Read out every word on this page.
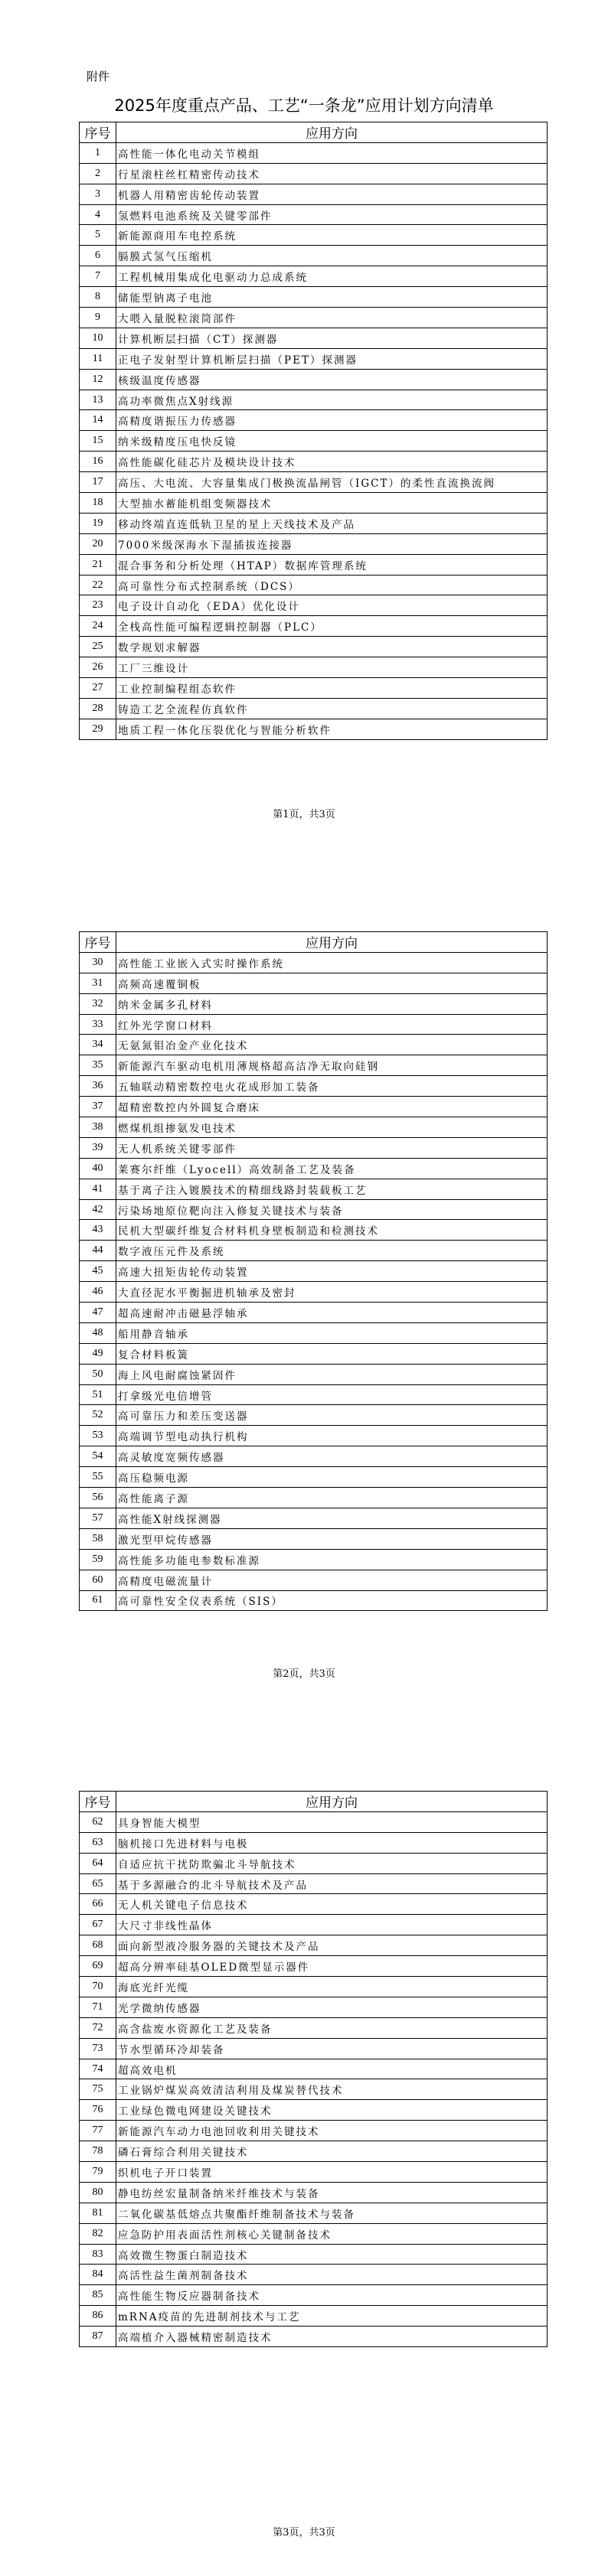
附件
2025年度重点产品、工艺“一条龙”应用计划方向清单
序号	应用方向
1	高性能一体化电动关节模组
2	行星滚柱丝杠精密传动技术
3	机器人用精密齿轮传动装置
4	氢燃料电池系统及关键零部件
5	新能源商用车电控系统
6	膈膜式氢气压缩机
7	工程机械用集成化电驱动力总成系统
8	储能型钠离子电池
9	大喂入量脱粒滚筒部件
10	计算机断层扫描（CT）探测器
11	正电子发射型计算机断层扫描（PET）探测器
12	核级温度传感器
13	高功率微焦点X射线源
14	高精度谐振压力传感器
15	纳米级精度压电快反镜
16	高性能碳化硅芯片及模块设计技术
17	高压、大电流、大容量集成门极换流晶闸管（IGCT）的柔性直流换流阀
18	大型抽水蓄能机组变频器技术
19	移动终端直连低轨卫星的星上天线技术及产品
20	7000米级深海水下湿插拔连接器
21	混合事务和分析处理（HTAP）数据库管理系统
22	高可靠性分布式控制系统（DCS）
23	电子设计自动化（EDA）优化设计
24	全栈高性能可编程逻辑控制器（PLC）
25	数学规划求解器
26	工厂三维设计
27	工业控制编程组态软件
28	铸造工艺全流程仿真软件
29	地质工程一体化压裂优化与智能分析软件
第1页，共3页
序号	应用方向
30	高性能工业嵌入式实时操作系统
31	高频高速覆铜板
32	纳米金属多孔材料
33	红外光学窗口材料
34	无氨氮钼冶金产业化技术
35	新能源汽车驱动电机用薄规格超高洁净无取向硅钢
36	五轴联动精密数控电火花成形加工装备
37	超精密数控内外圆复合磨床
38	燃煤机组掺氨发电技术
39	无人机系统关键零部件
40	莱赛尔纤维（Lyocell）高效制备工艺及装备
41	基于离子注入镀膜技术的精细线路封装载板工艺
42	污染场地原位靶向注入修复关键技术与装备
43	民机大型碳纤维复合材料机身壁板制造和检测技术
44	数字液压元件及系统
45	高速大扭矩齿轮传动装置
46	大直径泥水平衡掘进机轴承及密封
47	超高速耐冲击磁悬浮轴承
48	船用静音轴承
49	复合材料板簧
50	海上风电耐腐蚀紧固件
51	打拿级光电倍增管
52	高可靠压力和差压变送器
53	高端调节型电动执行机构
54	高灵敏度宽频传感器
55	高压稳频电源
56	高性能离子源
57	高性能X射线探测器
58	激光型甲烷传感器
59	高性能多功能电参数标准源
60	高精度电磁流量计
61	高可靠性安全仪表系统（SIS）
第2页，共3页
序号	应用方向
62	具身智能大模型
63	脑机接口先进材料与电极
64	自适应抗干扰防欺骗北斗导航技术
65	基于多源融合的北斗导航技术及产品
66	无人机关键电子信息技术
67	大尺寸非线性晶体
68	面向新型液冷服务器的关键技术及产品
69	超高分辨率硅基OLED微型显示器件
70	海底光纤光缆
71	光学微纳传感器
72	高含盐废水资源化工艺及装备
73	节水型循环冷却装备
74	超高效电机
75	工业锅炉煤炭高效清洁利用及煤炭替代技术
76	工业绿色微电网建设关键技术
77	新能源汽车动力电池回收利用关键技术
78	磷石膏综合利用关键技术
79	织机电子开口装置
80	静电纺丝宏量制备纳米纤维技术与装备
81	二氧化碳基低熔点共聚酯纤维制备技术与装备
82	应急防护用表面活性剂核心关键制备技术
83	高效微生物蛋白制造技术
84	高活性益生菌剂制备技术
85	高性能生物反应器制备技术
86	mRNA疫苗的先进制剂技术与工艺
87	高端植介入器械精密制造技术
第3页，共3页
